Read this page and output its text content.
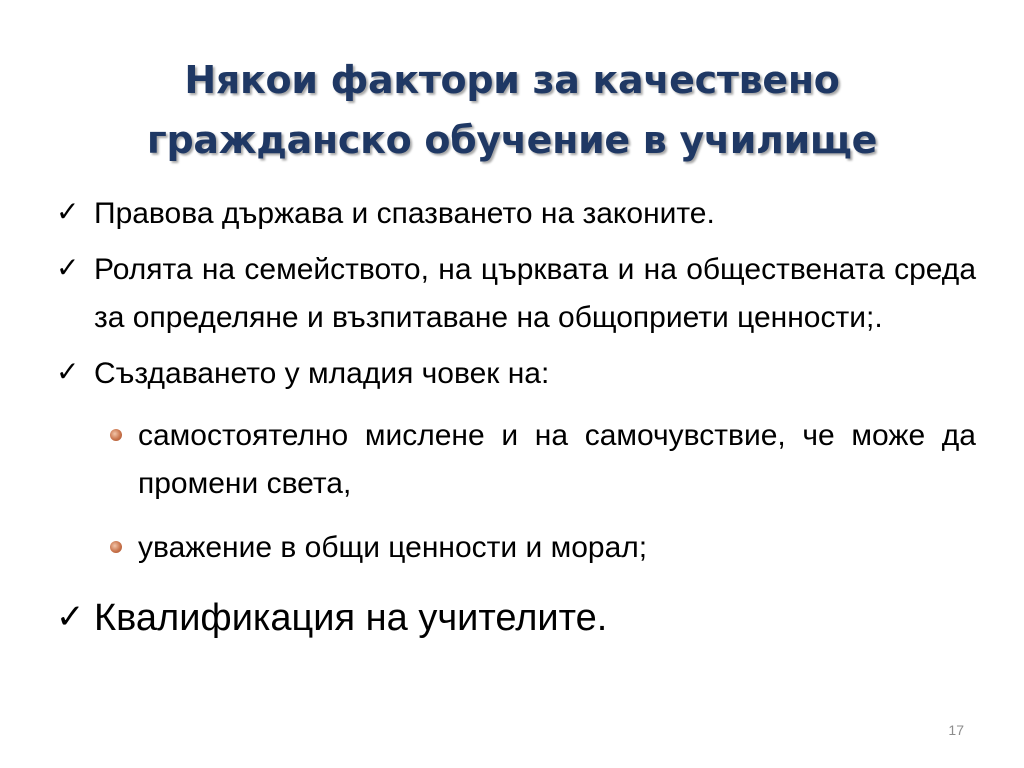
Някои фактори за качествено
гражданско обучение в училище
✓ Правова държава и спазването на законите.
✓ Ролята на семейството, на църквата и на обществената среда за определяне и възпитаване на общоприети ценности;.
✓ Създаването у младия човек на:
самостоятелно мислене и на самочувствие, че може да промени света,
уважение в общи ценности и морал;
✓ Квалификация на учителите.
17
